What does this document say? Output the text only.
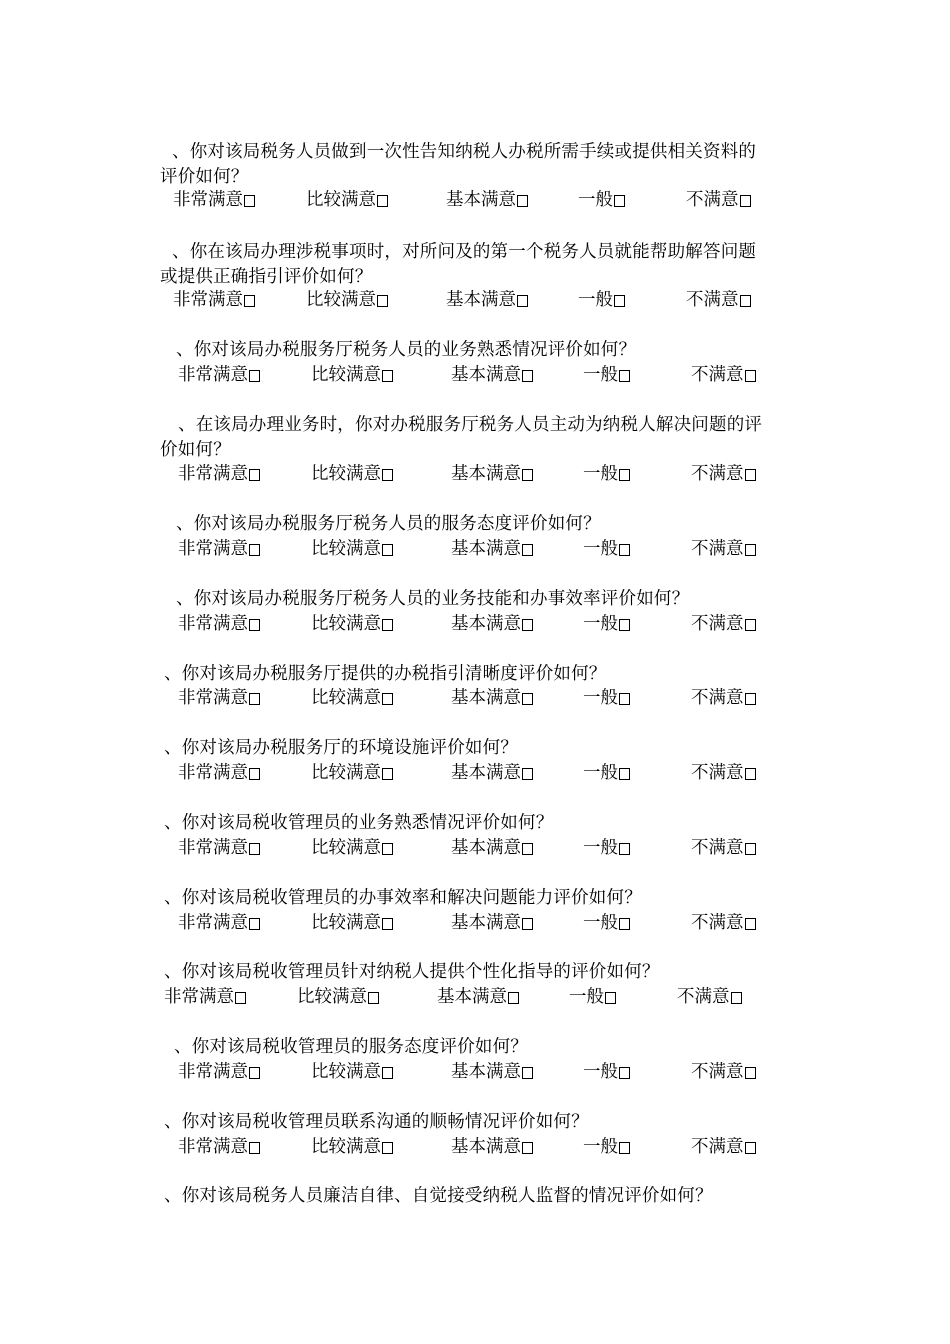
、你对该局税务人员做到一次性告知纳税人办税所需手续或提供相关资料的
评价如何？
非常满意	比较满意	基本满意	一般	不满意
、你在该局办理涉税事项时，对所问及的第一个税务人员就能帮助解答问题
或提供正确指引评价如何？
非常满意	比较满意	基本满意	一般	不满意
、你对该局办税服务厅税务人员的业务熟悉情况评价如何？
非常满意	比较满意	基本满意	一般	不满意
、在该局办理业务时，你对办税服务厅税务人员主动为纳税人解决问题的评
价如何？
非常满意	比较满意	基本满意	一般	不满意
、你对该局办税服务厅税务人员的服务态度评价如何？
非常满意	比较满意	基本满意	一般	不满意
、你对该局办税服务厅税务人员的业务技能和办事效率评价如何？
非常满意	比较满意	基本满意	一般	不满意
、你对该局办税服务厅提供的办税指引清晰度评价如何？
非常满意	比较满意	基本满意	一般	不满意
、你对该局办税服务厅的环境设施评价如何？
非常满意	比较满意	基本满意	一般	不满意
、你对该局税收管理员的业务熟悉情况评价如何？
非常满意	比较满意	基本满意	一般	不满意
、你对该局税收管理员的办事效率和解决问题能力评价如何？
非常满意	比较满意	基本满意	一般	不满意
、你对该局税收管理员针对纳税人提供个性化指导的评价如何？
非常满意	比较满意	基本满意	一般	不满意
、你对该局税收管理员的服务态度评价如何？
非常满意	比较满意	基本满意	一般	不满意
、你对该局税收管理员联系沟通的顺畅情况评价如何？
非常满意	比较满意	基本满意	一般	不满意
、你对该局税务人员廉洁自律、自觉接受纳税人监督的情况评价如何？
